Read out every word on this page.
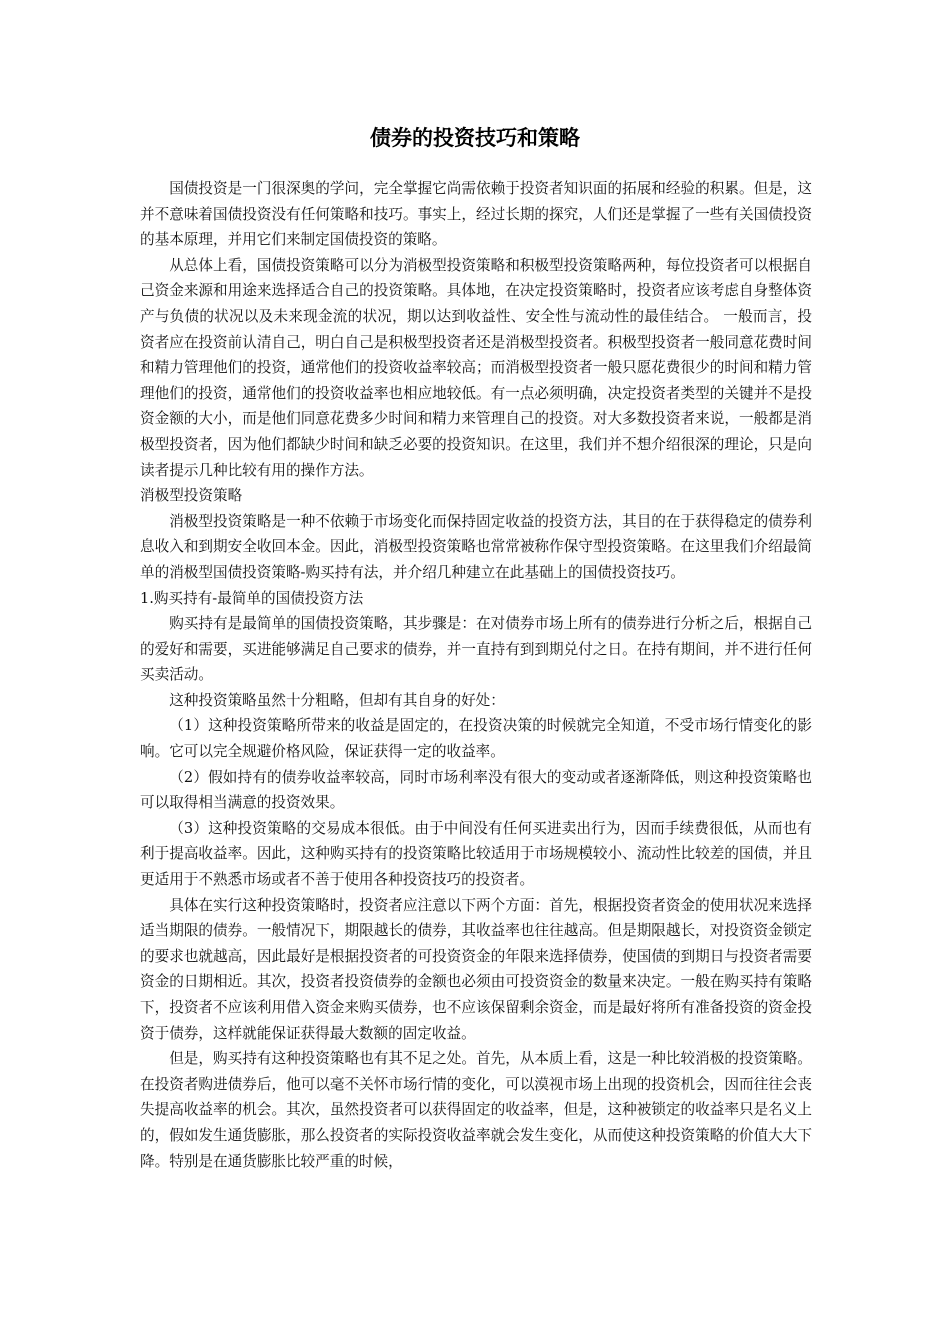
债券的投资技巧和策略

国债投资是一门很深奥的学问，完全掌握它尚需依赖于投资者知识面的拓展和经验的积累。但是，这并不意味着国债投资没有任何策略和技巧。事实上，经过长期的探究，人们还是掌握了一些有关国债投资的基本原理，并用它们来制定国债投资的策略。

从总体上看，国债投资策略可以分为消极型投资策略和积极型投资策略两种，每位投资者可以根据自己资金来源和用途来选择适合自己的投资策略。具体地，在决定投资策略时，投资者应该考虑自身整体资产与负债的状况以及未来现金流的状况，期以达到收益性、安全性与流动性的最佳结合。 一般而言，投资者应在投资前认清自己，明白自己是积极型投资者还是消极型投资者。积极型投资者一般同意花费时间和精力管理他们的投资，通常他们的投资收益率较高；而消极型投资者一般只愿花费很少的时间和精力管理他们的投资，通常他们的投资收益率也相应地较低。有一点必须明确，决定投资者类型的关键并不是投资金额的大小，而是他们同意花费多少时间和精力来管理自己的投资。对大多数投资者来说，一般都是消极型投资者，因为他们都缺少时间和缺乏必要的投资知识。在这里，我们并不想介绍很深的理论，只是向读者提示几种比较有用的操作方法。

消极型投资策略

消极型投资策略是一种不依赖于市场变化而保持固定收益的投资方法，其目的在于获得稳定的债券利息收入和到期安全收回本金。因此，消极型投资策略也常常被称作保守型投资策略。在这里我们介绍最简单的消极型国债投资策略-购买持有法，并介绍几种建立在此基础上的国债投资技巧。

1.购买持有-最简单的国债投资方法

购买持有是最简单的国债投资策略，其步骤是：在对债券市场上所有的债券进行分析之后，根据自己的爱好和需要，买进能够满足自己要求的债券，并一直持有到到期兑付之日。在持有期间，并不进行任何买卖活动。

这种投资策略虽然十分粗略，但却有其自身的好处：

（1）这种投资策略所带来的收益是固定的，在投资决策的时候就完全知道，不受市场行情变化的影响。它可以完全规避价格风险，保证获得一定的收益率。

（2）假如持有的债券收益率较高，同时市场利率没有很大的变动或者逐渐降低，则这种投资策略也可以取得相当满意的投资效果。

（3）这种投资策略的交易成本很低。由于中间没有任何买进卖出行为，因而手续费很低，从而也有利于提高收益率。因此，这种购买持有的投资策略比较适用于市场规模较小、流动性比较差的国债，并且更适用于不熟悉市场或者不善于使用各种投资技巧的投资者。

具体在实行这种投资策略时，投资者应注意以下两个方面：首先，根据投资者资金的使用状况来选择适当期限的债券。一般情况下，期限越长的债券，其收益率也往往越高。但是期限越长，对投资资金锁定的要求也就越高，因此最好是根据投资者的可投资资金的年限来选择债券，使国债的到期日与投资者需要资金的日期相近。其次，投资者投资债券的金额也必须由可投资资金的数量来决定。一般在购买持有策略下，投资者不应该利用借入资金来购买债券，也不应该保留剩余资金，而是最好将所有准备投资的资金投资于债券，这样就能保证获得最大数额的固定收益。

但是，购买持有这种投资策略也有其不足之处。首先，从本质上看，这是一种比较消极的投资策略。在投资者购进债券后，他可以毫不关怀市场行情的变化，可以漠视市场上出现的投资机会，因而往往会丧失提高收益率的机会。其次，虽然投资者可以获得固定的收益率，但是，这种被锁定的收益率只是名义上的，假如发生通货膨胀，那么投资者的实际投资收益率就会发生变化，从而使这种投资策略的价值大大下降。特别是在通货膨胀比较严重的时候，
